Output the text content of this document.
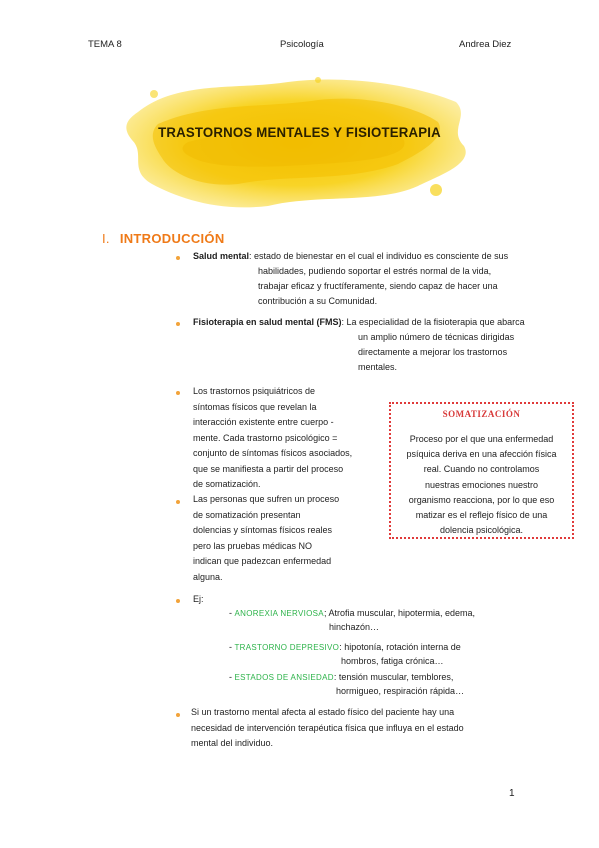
TEMA 8	Psicología	Andrea Diez
TRASTORNOS MENTALES Y FISIOTERAPIA
I. INTRODUCCIÓN
Salud mental: estado de bienestar en el cual el individuo es consciente de sus
habilidades, pudiendo soportar el estrés normal de la vida,
trabajar eficaz y fructíferamente, siendo capaz de hacer una
contribución a su Comunidad.
Fisioterapia en salud mental (FMS): La especialidad de la fisioterapia que abarca
un amplio número de técnicas dirigidas
directamente a mejorar los trastornos
mentales.
Los trastornos psiquiátricos de
síntomas físicos que revelan la
interacción existente entre cuerpo -
mente. Cada trastorno psicológico =
conjunto de síntomas físicos asociados,
que se manifiesta a partir del proceso
de somatización.
Las personas que sufren un proceso
de somatización presentan
dolencias y síntomas físicos reales
pero las pruebas médicas NO
indican que padezcan enfermedad
alguna.
SOMATIZACIÓN
Proceso por el que una enfermedad
psíquica deriva en una afección física
real. Cuando no controlamos
nuestras emociones nuestro
organismo reacciona, por lo que eso
matizar es el reflejo físico de una
dolencia psicológica.
Ej:
- ANOREXIA NERVIOSA; Atrofia muscular, hipotermia, edema,
hinchazón…
- TRASTORNO DEPRESIVO: hipotonía, rotación interna de
hombros, fatiga crónica…
- ESTADOS DE ANSIEDAD: tensión muscular, temblores,
hormigueo, respiración rápida…
Si un trastorno mental afecta al estado físico del paciente hay una
necesidad de intervención terapéutica física que influya en el estado
mental del individuo.
1
